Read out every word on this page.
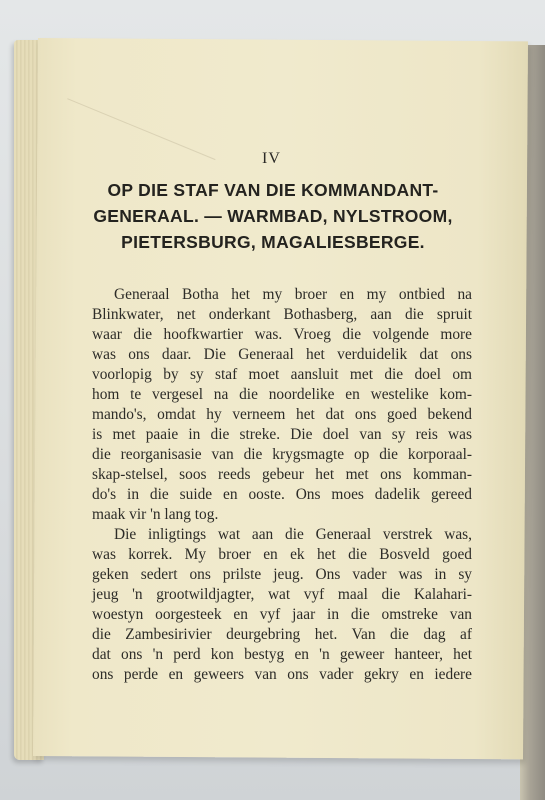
IV
OP DIE STAF VAN DIE KOMMANDANT-
GENERAAL. — WARMBAD, NYLSTROOM,
PIETERSBURG, MAGALIESBERGE.
Generaal Botha het my broer en my ontbied na
Blinkwater, net onderkant Bothasberg, aan die spruit
waar die hoofkwartier was. Vroeg die volgende more
was ons daar. Die Generaal het verduidelik dat ons
voorlopig by sy staf moet aansluit met die doel om
hom te vergesel na die noordelike en westelike kom-
mando's, omdat hy verneem het dat ons goed bekend
is met paaie in die streke. Die doel van sy reis was
die reorganisasie van die krygsmagte op die korporaal-
skap-stelsel, soos reeds gebeur het met ons komman-
do's in die suide en ooste. Ons moes dadelik gereed
maak vir 'n lang tog.
Die inligtings wat aan die Generaal verstrek was,
was korrek. My broer en ek het die Bosveld goed
geken sedert ons prilste jeug. Ons vader was in sy
jeug 'n grootwildjagter, wat vyf maal die Kalahari-
woestyn oorgesteek en vyf jaar in die omstreke van
die Zambesirivier deurgebring het. Van die dag af
dat ons 'n perd kon bestyg en 'n geweer hanteer, het
ons perde en geweers van ons vader gekry en iedere
